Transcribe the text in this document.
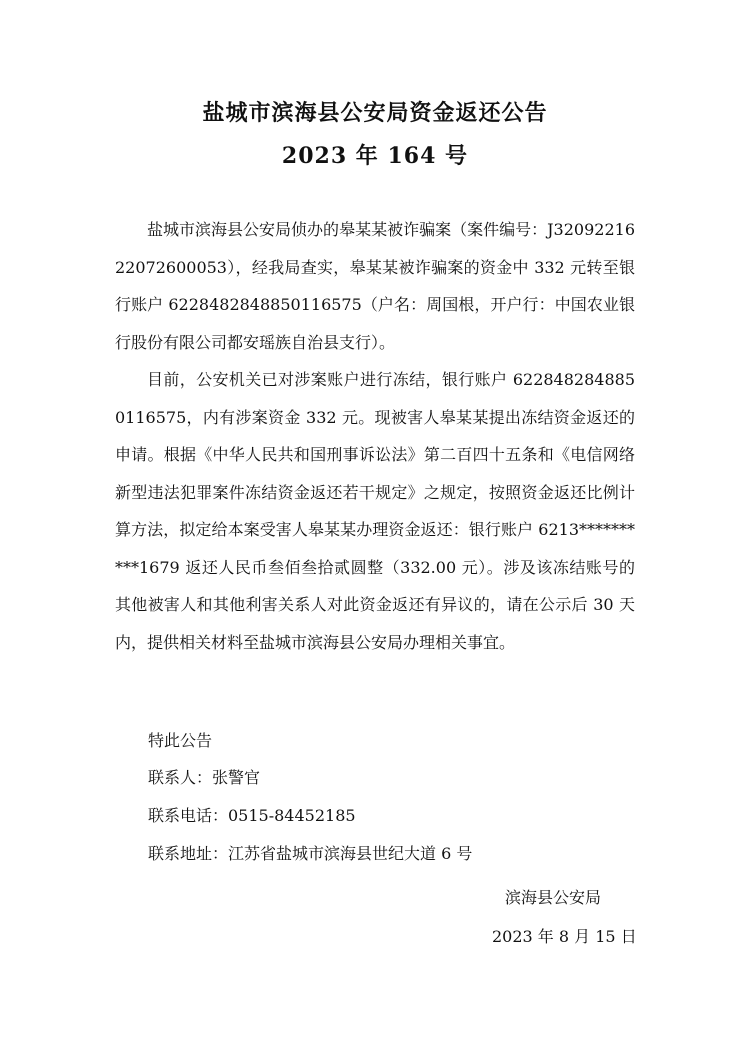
盐城市滨海县公安局资金返还公告
2023 年 164 号

盐城市滨海县公安局侦办的皋某某被诈骗案（案件编号：J3209221622072600053），经我局查实，皋某某被诈骗案的资金中 332 元转至银行账户 6228482848850116575（户名：周国根，开户行：中国农业银行股份有限公司都安瑶族自治县支行）。

目前，公安机关已对涉案账户进行冻结，银行账户 6228482848850116575，内有涉案资金 332 元。现被害人皋某某提出冻结资金返还的申请。根据《中华人民共和国刑事诉讼法》第二百四十五条和《电信网络新型违法犯罪案件冻结资金返还若干规定》之规定，按照资金返还比例计算方法，拟定给本案受害人皋某某办理资金返还：银行账户 6213**********1679 返还人民币叁佰叁拾贰圆整（332.00 元）。涉及该冻结账号的其他被害人和其他利害关系人对此资金返还有异议的，请在公示后 30 天内，提供相关材料至盐城市滨海县公安局办理相关事宜。

特此公告

联系人：张警官

联系电话：0515-84452185

联系地址：江苏省盐城市滨海县世纪大道 6 号

滨海县公安局
2023 年 8 月 15 日
